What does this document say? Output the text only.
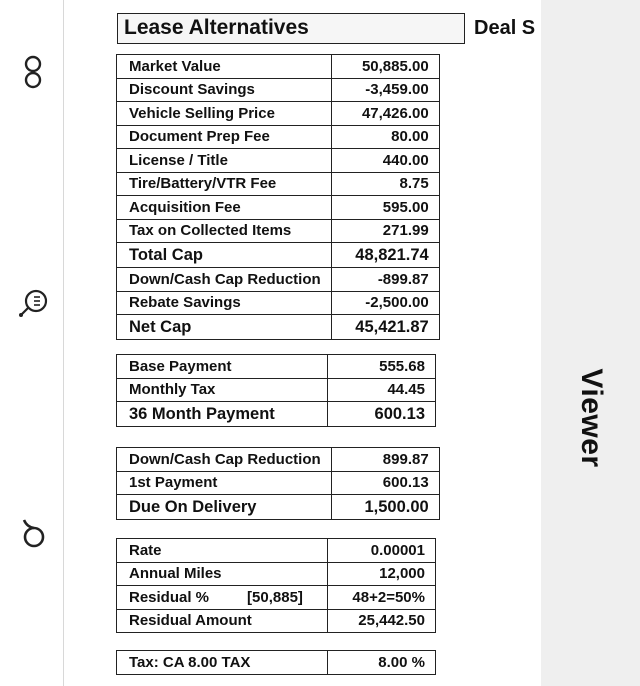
Lease Alternatives	Deal S
Market Value	50,885.00
Discount Savings	-3,459.00
Vehicle Selling Price	47,426.00
Document Prep Fee	80.00
License / Title	440.00
Tire/Battery/VTR Fee	8.75
Acquisition Fee	595.00
Tax on Collected Items	271.99
Total Cap	48,821.74
Down/Cash Cap Reduction	-899.87
Rebate Savings	-2,500.00
Net Cap	45,421.87
Base Payment	555.68
Monthly Tax	44.45
36 Month Payment	600.13
Down/Cash Cap Reduction	899.87
1st Payment	600.13
Due On Delivery	1,500.00
Rate	0.00001
Annual Miles	12,000
Residual % [50,885]	48+2=50%
Residual Amount	25,442.50
Tax: CA 8.00 TAX	8.00 %
Viewer
